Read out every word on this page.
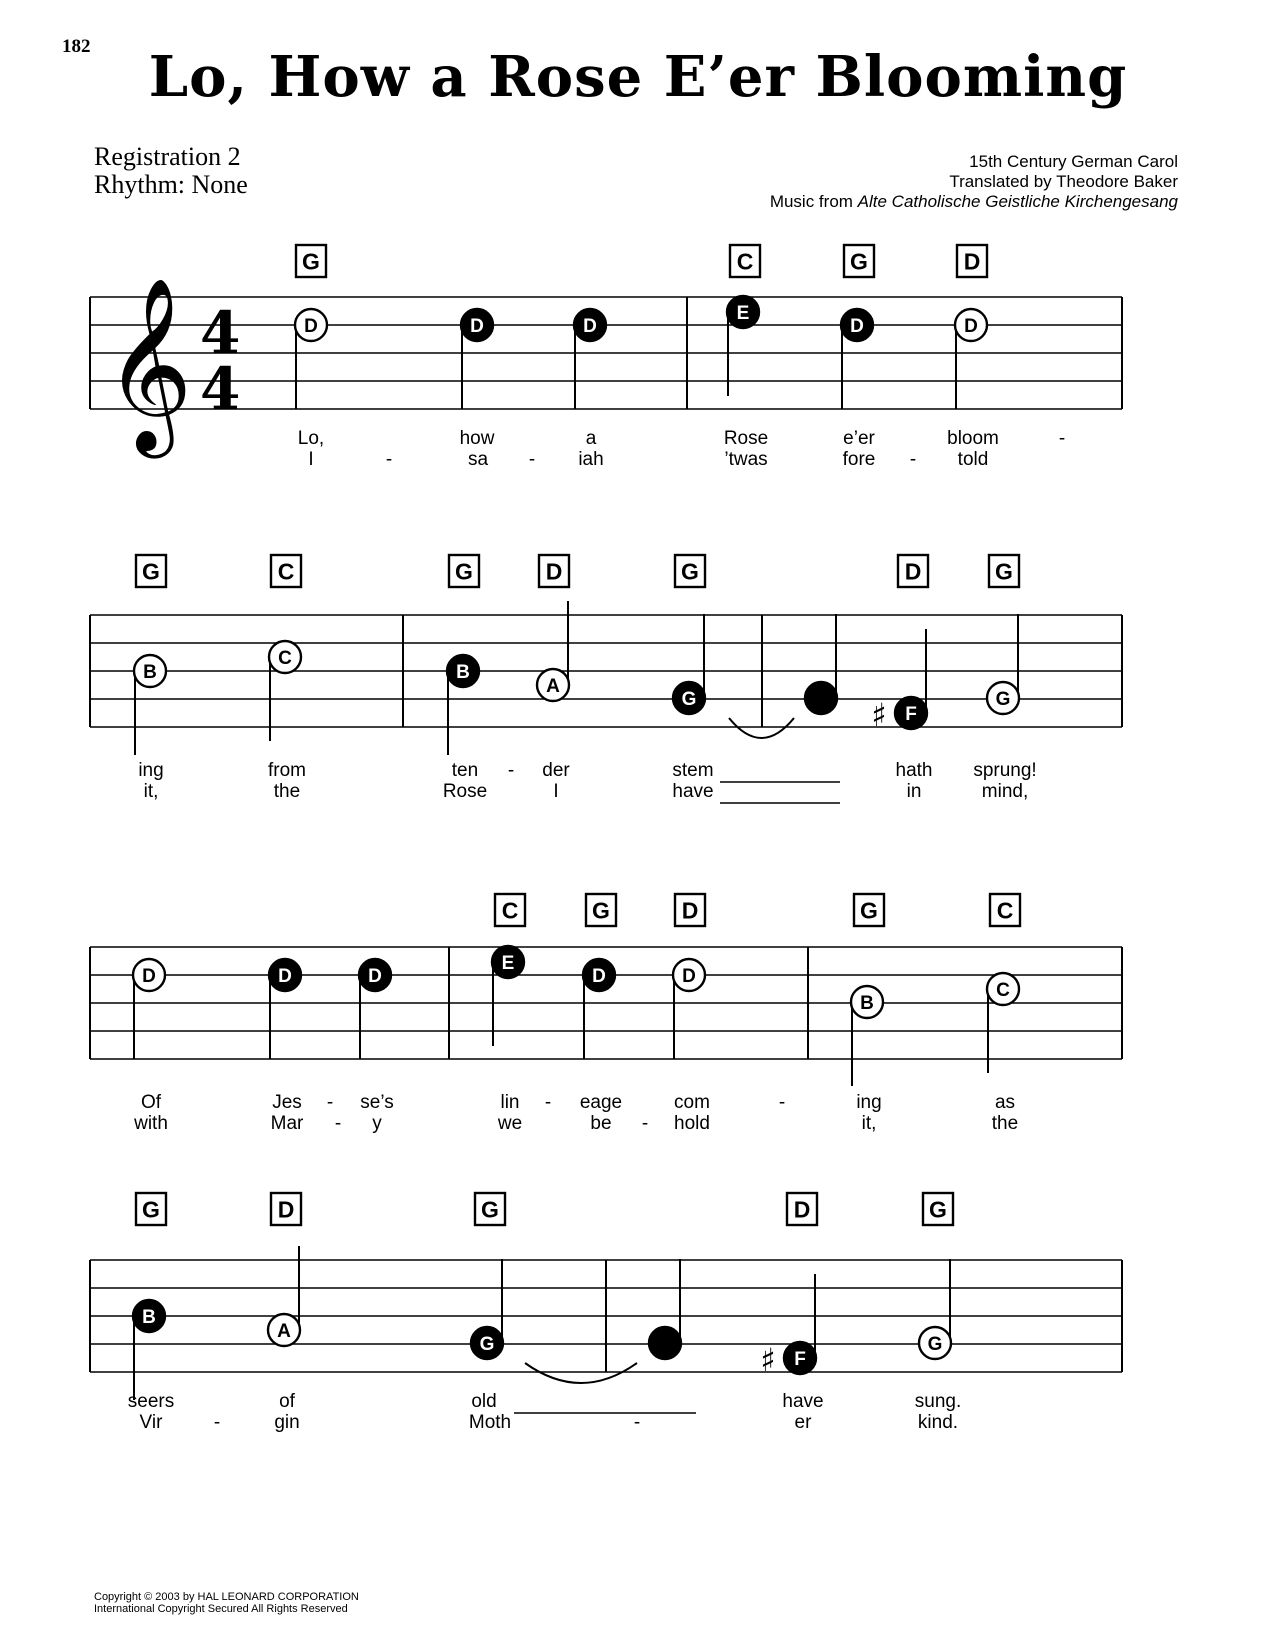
182	Lo, How a Rose E’er Blooming
Registration 2
Rhythm: None
15th Century German Carol
Translated by Theodore Baker
Music from Alte Catholische Geistliche Kirchengesang
𝄞 4
4
G	C	G	D
D	D	D
E
D	D
Lo,	how	a	Rose	e’er	bloom	-
I	-	sa - iah	’twas	fore - told
G	C	G	D	G	D	G
♯
B
C
B
A
G
F
G
ing	from	ten - der	stem	hath sprung!
it,	the	Rose	I	have	in	mind,
C	G	D	G	C
D	D	D
E
D	D
B
C
Of	Jes - se’s	lin - eage	com	-	ing	as
with	Mar - y	we	be - hold	it,	the
G	D	G	D	G
♯
B
A
G
F
G
seers	of	old	have	sung.
Vir	-	gin	Moth	-	er	kind.
Copyright © 2003 by HAL LEONARD CORPORATION
International Copyright Secured All Rights Reserved
